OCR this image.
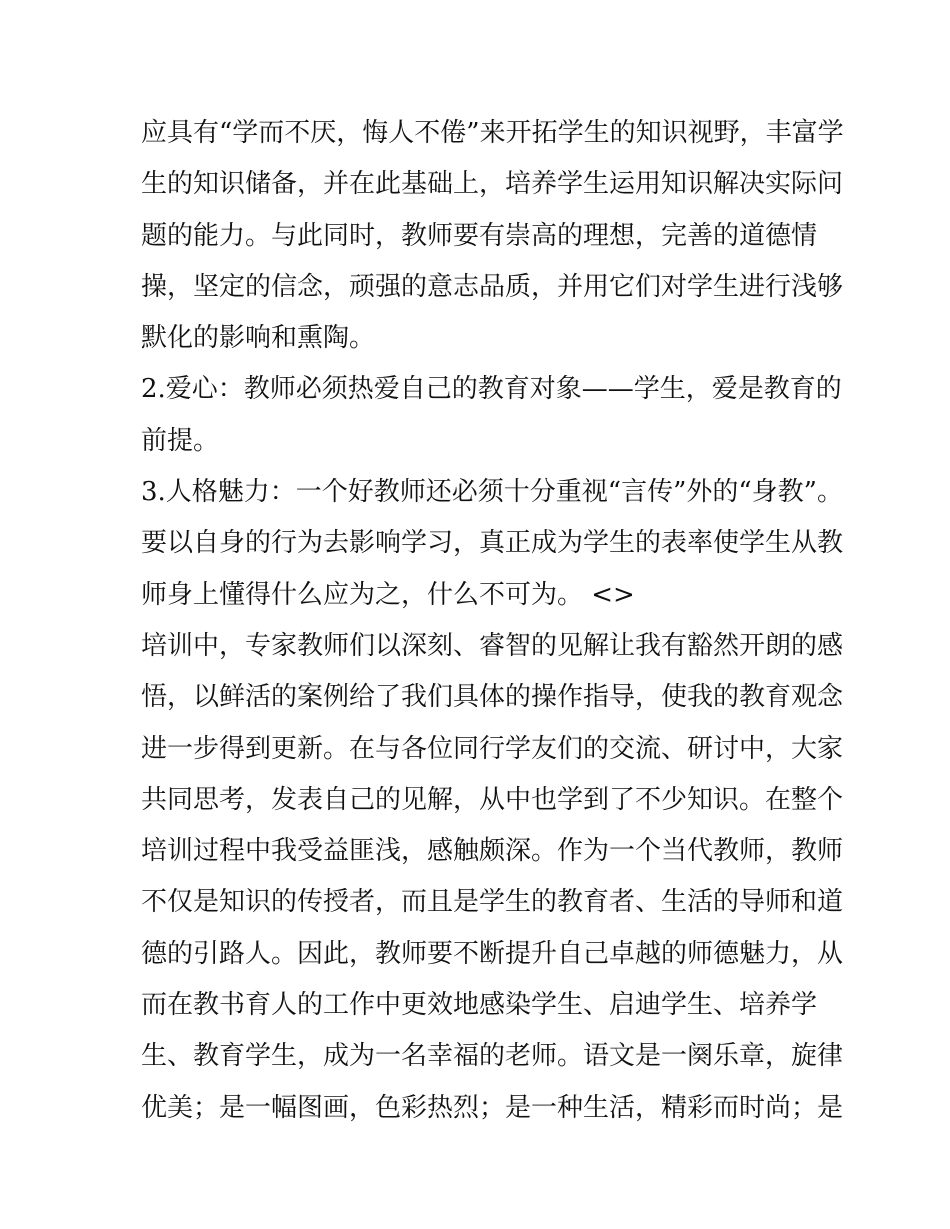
应具有“学而不厌，悔人不倦”来开拓学生的知识视野，丰富学
生的知识储备，并在此基础上，培养学生运用知识解决实际问
题的能力。与此同时，教师要有崇高的理想，完善的道德情
操，坚定的信念，顽强的意志品质，并用它们对学生进行浅够
默化的影响和熏陶。
2.爱心：教师必须热爱自己的教育对象——学生，爱是教育的
前提。
3.人格魅力：一个好教师还必须十分重视“言传”外的“身教”。
要以自身的行为去影响学习，真正成为学生的表率使学生从教
师身上懂得什么应为之，什么不可为。 <>
培训中，专家教师们以深刻、睿智的见解让我有豁然开朗的感
悟，以鲜活的案例给了我们具体的操作指导，使我的教育观念
进一步得到更新。在与各位同行学友们的交流、研讨中，大家
共同思考，发表自己的见解，从中也学到了不少知识。在整个
培训过程中我受益匪浅，感触颇深。作为一个当代教师，教师
不仅是知识的传授者，而且是学生的教育者、生活的导师和道
德的引路人。因此，教师要不断提升自己卓越的师德魅力，从
而在教书育人的工作中更效地感染学生、启迪学生、培养学
生、教育学生，成为一名幸福的老师。语文是一阕乐章，旋律
优美；是一幅图画，色彩热烈；是一种生活，精彩而时尚；是
